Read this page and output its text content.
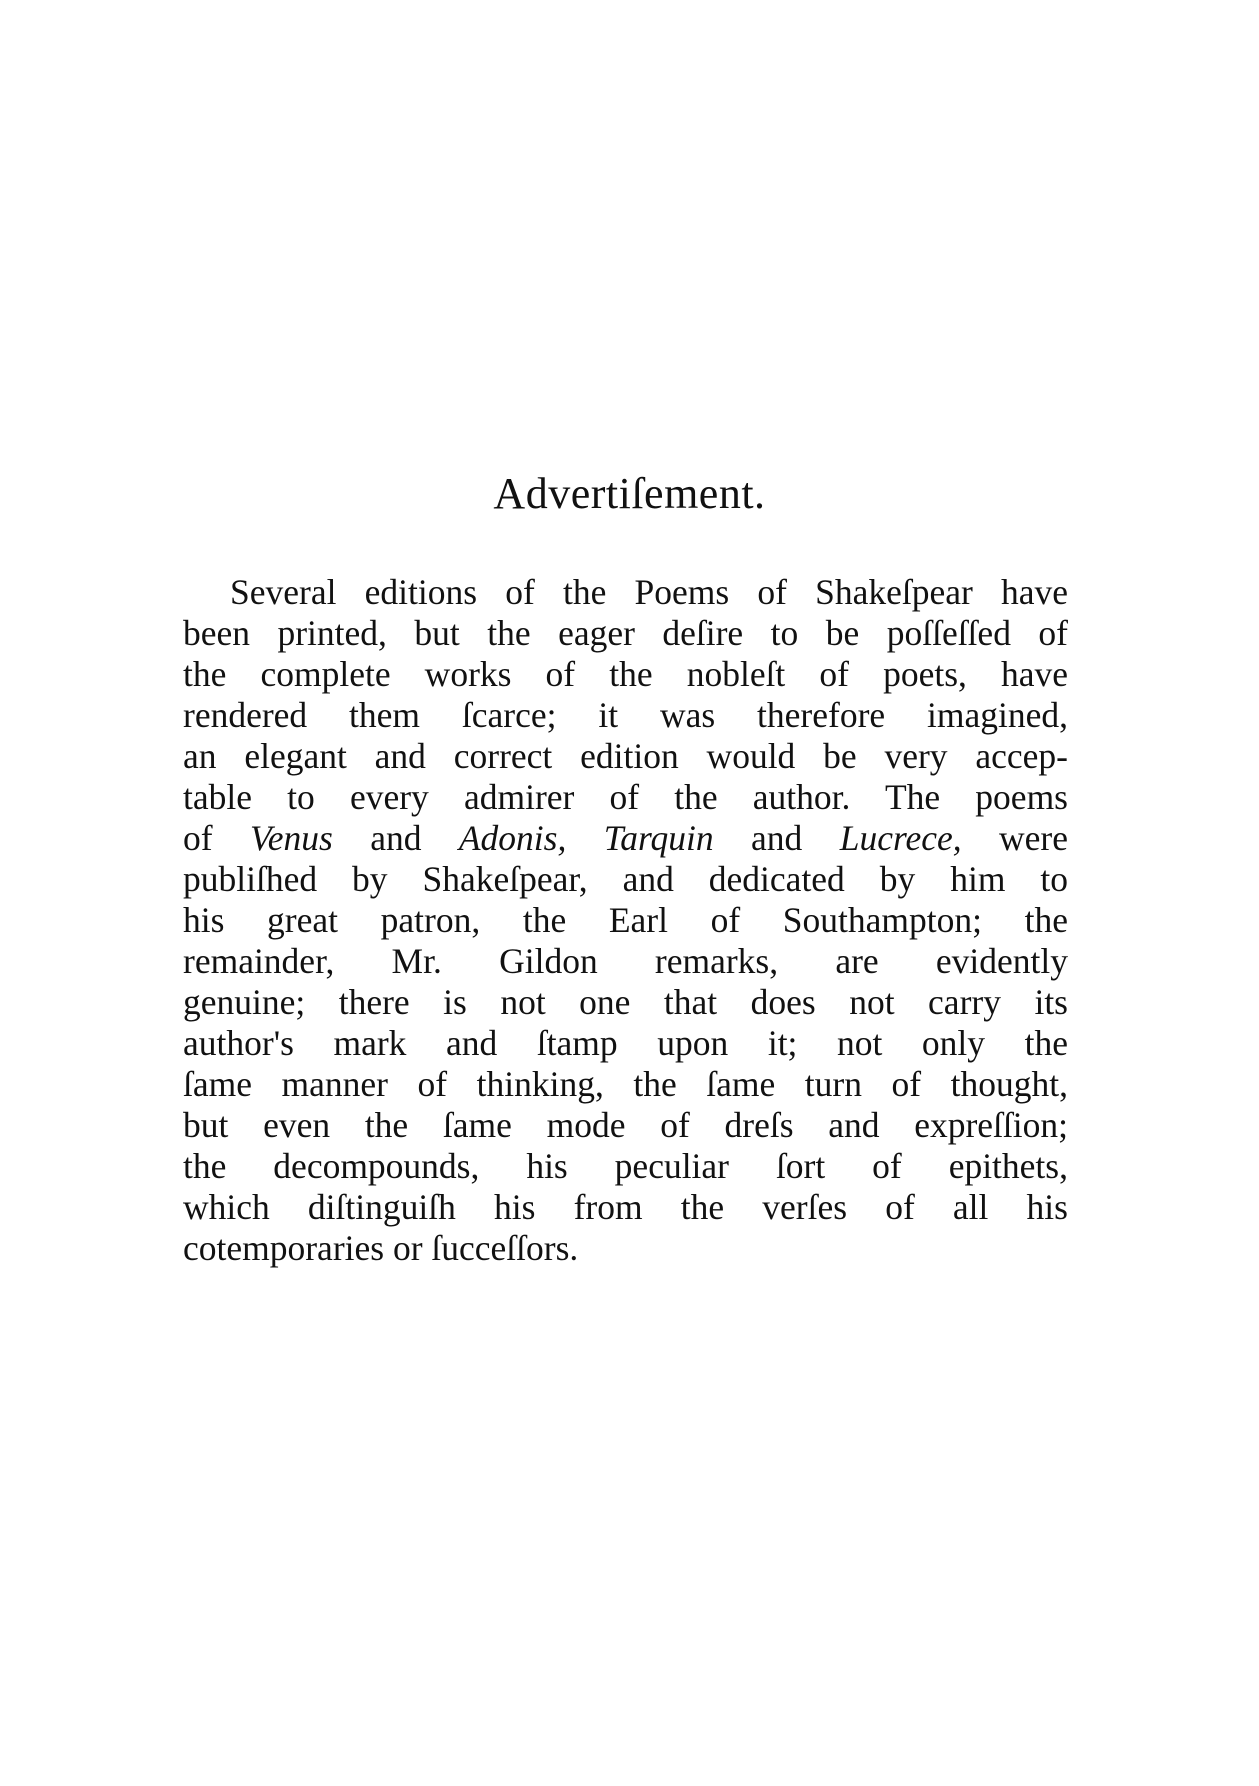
Advertiſement.
Several editions of the Poems of Shakeſpear have
been printed, but the eager deſire to be poſſeſſed of
the complete works of the nobleſt of poets, have
rendered them ſcarce; it was therefore imagined,
an elegant and correct edition would be very accep-
table to every admirer of the author. The poems
of Venus and Adonis, Tarquin and Lucrece, were
publiſhed by Shakeſpear, and dedicated by him to
his great patron, the Earl of Southampton; the
remainder, Mr. Gildon remarks, are evidently
genuine; there is not one that does not carry its
author's mark and ſtamp upon it; not only the
ſame manner of thinking, the ſame turn of thought,
but even the ſame mode of dreſs and expreſſion;
the decompounds, his peculiar ſort of epithets,
which diſtinguiſh his from the verſes of all his
cotemporaries or ſucceſſors.
